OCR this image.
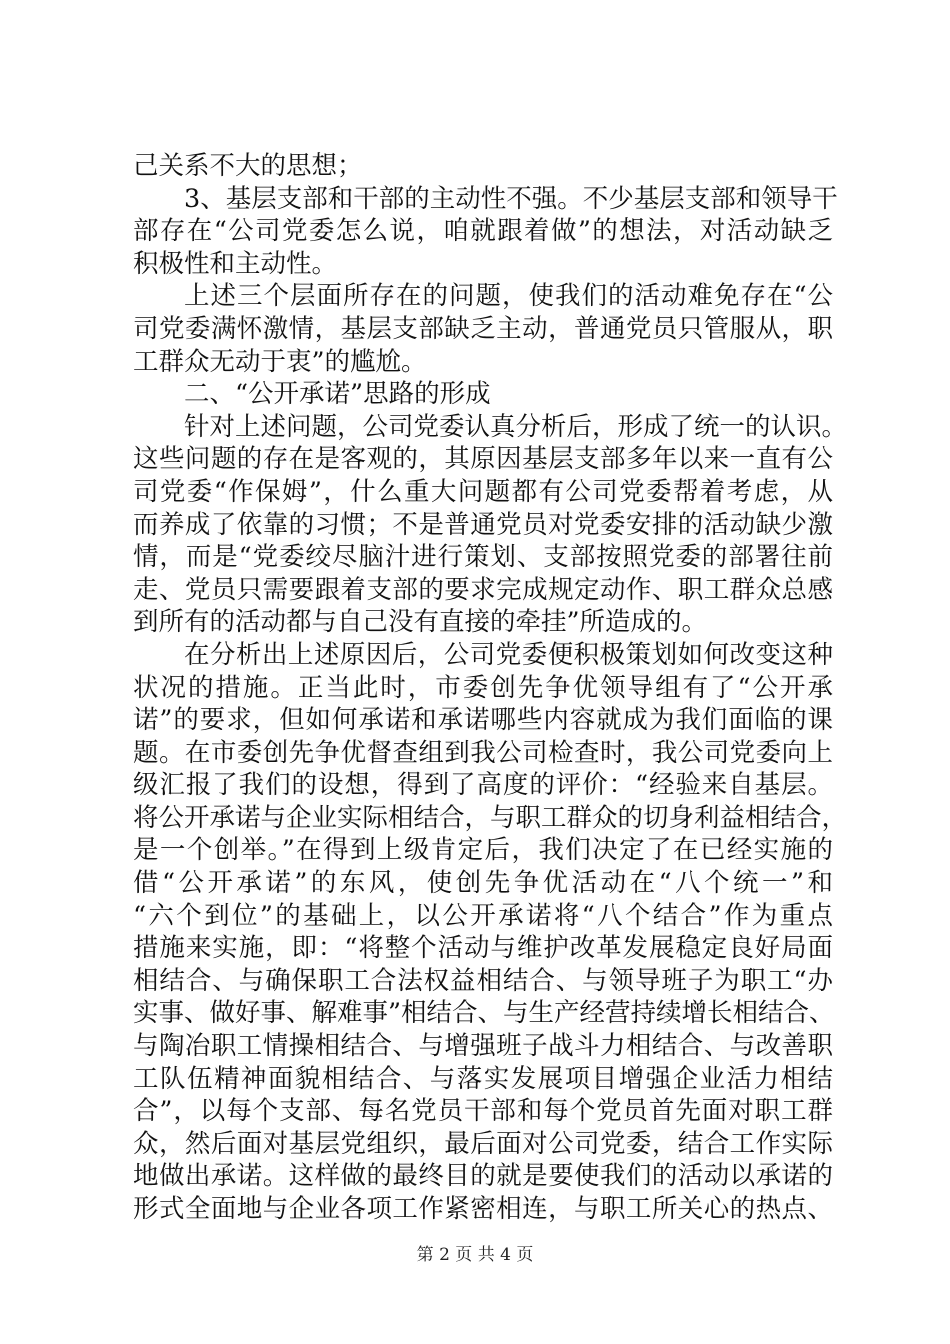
己关系不大的思想；
3、基层支部和干部的主动性不强。不少基层支部和领导干
部存在“公司党委怎么说，咱就跟着做”的想法，对活动缺乏
积极性和主动性。
上述三个层面所存在的问题，使我们的活动难免存在“公
司党委满怀激情，基层支部缺乏主动，普通党员只管服从，职
工群众无动于衷”的尴尬。
二、“公开承诺”思路的形成
针对上述问题，公司党委认真分析后，形成了统一的认识。
这些问题的存在是客观的，其原因基层支部多年以来一直有公
司党委“作保姆”，什么重大问题都有公司党委帮着考虑，从
而养成了依靠的习惯；不是普通党员对党委安排的活动缺少激
情，而是“党委绞尽脑汁进行策划、支部按照党委的部署往前
走、党员只需要跟着支部的要求完成规定动作、职工群众总感
到所有的活动都与自己没有直接的牵挂”所造成的。
在分析出上述原因后，公司党委便积极策划如何改变这种
状况的措施。正当此时，市委创先争优领导组有了“公开承
诺”的要求，但如何承诺和承诺哪些内容就成为我们面临的课
题。在市委创先争优督查组到我公司检查时，我公司党委向上
级汇报了我们的设想，得到了高度的评价：“经验来自基层。
将公开承诺与企业实际相结合，与职工群众的切身利益相结合，
是一个创举。”在得到上级肯定后，我们决定了在已经实施的
借“公开承诺”的东风，使创先争优活动在“八个统一”和
“六个到位”的基础上，以公开承诺将“八个结合”作为重点
措施来实施，即：“将整个活动与维护改革发展稳定良好局面
相结合、与确保职工合法权益相结合、与领导班子为职工“办
实事、做好事、解难事”相结合、与生产经营持续增长相结合、
与陶冶职工情操相结合、与增强班子战斗力相结合、与改善职
工队伍精神面貌相结合、与落实发展项目增强企业活力相结
合”，以每个支部、每名党员干部和每个党员首先面对职工群
众，然后面对基层党组织，最后面对公司党委，结合工作实际
地做出承诺。这样做的最终目的就是要使我们的活动以承诺的
形式全面地与企业各项工作紧密相连，与职工所关心的热点、
第 2 页 共 4 页
